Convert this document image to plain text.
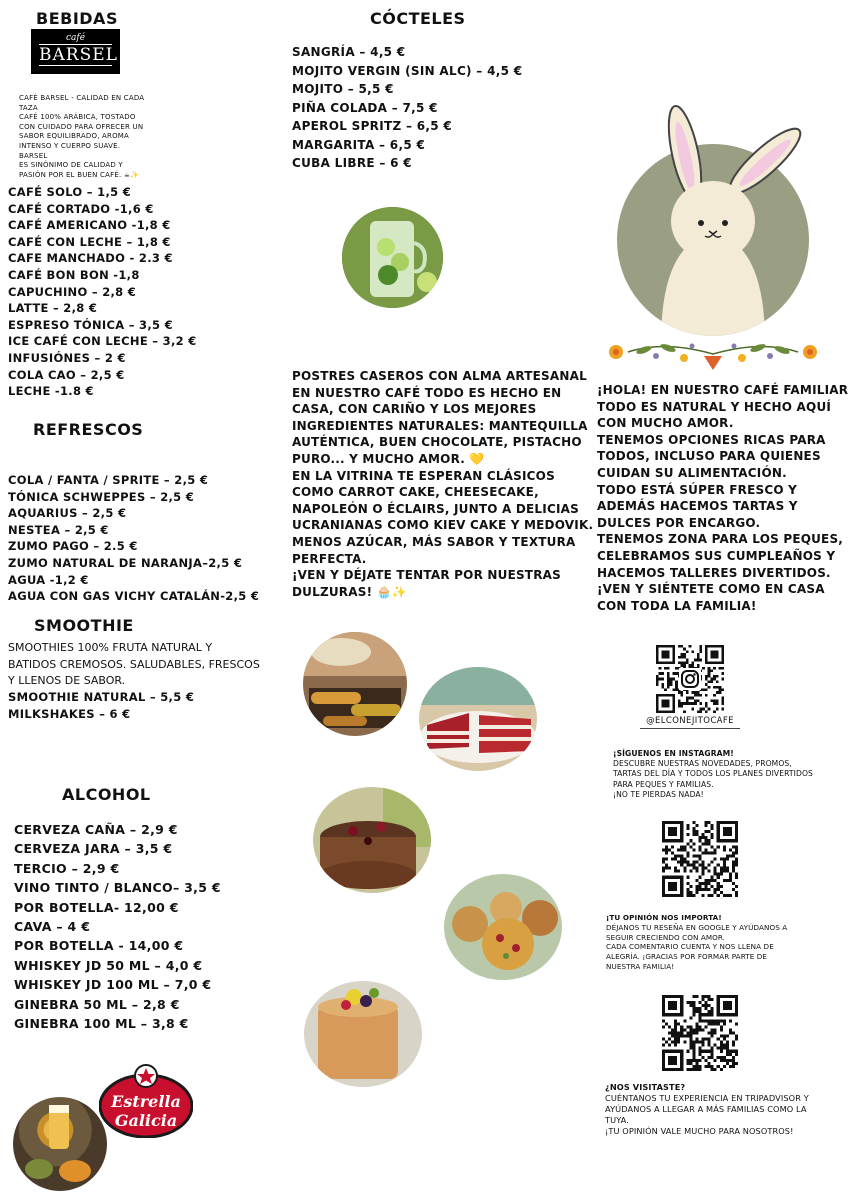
BEBIDAS
café
BARSEL
CAFÉ BARSEL - CALIDAD EN CADA
TAZA
CAFÉ 100% ARÁBICA, TOSTADO
CON CUIDADO PARA OFRECER UN
SABOR EQUILIBRADO, AROMA
INTENSO Y CUERPO SUAVE. BARSEL
ES SINÓNIMO DE CALIDAD Y
PASIÓN POR EL BUEN CAFÉ. ☕✨
CAFÉ SOLO – 1,5 €
CAFÉ CORTADO -1,6 €
CAFÉ AMERICANO -1,8 €
CAFÉ CON LECHE – 1,8 €
CAFE MANCHADO - 2.3 €
CAFÉ BON BON -1,8
CAPUCHINO – 2,8 €
LATTE – 2,8 €
ESPRESO TÓNICA – 3,5 €
ICE CAFÉ CON LECHE – 3,2 €
INFUSIÓNES – 2 €
COLA CAO – 2,5 €
LECHE -1.8 €
REFRESCOS
COLA / FANTA / SPRITE – 2,5 €
TÓNICA SCHWEPPES – 2,5 €
AQUARIUS – 2,5 €
NESTEA – 2,5 €
ZUMO PAGO – 2.5 €
ZUMO NATURAL DE NARANJA–2,5 €
AGUA -1,2 €
AGUA CON GAS VICHY CATALÁN-2,5 €
SMOOTHIE
SMOOTHIES 100% FRUTA NATURAL Y
BATIDOS CREMOSOS. SALUDABLES, FRESCOS
Y LLENOS DE SABOR.
SMOOTHIE NATURAL – 5,5 €
MILKSHAKES – 6 €
ALCOHOL
CERVEZA CAÑA – 2,9 €
CERVEZA JARA – 3,5 €
TERCIO – 2,9 €
VINO TINTO / BLANCO– 3,5 €
POR BOTELLA- 12,00 €
CAVA – 4 €
POR BOTELLA - 14,00 €
WHISKEY JD 50 ML – 4,0 €
WHISKEY JD 100 ML – 7,0 €
GINEBRA 50 ML – 2,8 €
GINEBRA 100 ML – 3,8 €
Estrella
Galicia
CÓCTELES
SANGRÍA – 4,5 €
MOJITO VERGIN (SIN ALC) – 4,5 €
MOJITO – 5,5 €
PIÑA COLADA – 7,5 €
APEROL SPRITZ – 6,5 €
MARGARITA – 6,5 €
CUBA LIBRE – 6 €
POSTRES CASEROS CON ALMA ARTESANAL
EN NUESTRO CAFÉ TODO ES HECHO EN
CASA, CON CARIÑO Y LOS MEJORES
INGREDIENTES NATURALES: MANTEQUILLA
AUTÉNTICA, BUEN CHOCOLATE, PISTACHO
PURO... Y MUCHO AMOR. 💛
EN LA VITRINA TE ESPERAN CLÁSICOS
COMO CARROT CAKE, CHEESECAKE,
NAPOLEÓN O ÉCLAIRS, JUNTO A DELICIAS
UCRANIANAS COMO KIEV CAKE Y MEDOVIK.
MENOS AZÚCAR, MÁS SABOR Y TEXTURA
PERFECTA.
¡VEN Y DÉJATE TENTAR POR NUESTRAS
DULZURAS! 🧁✨
¡HOLA! EN NUESTRO CAFÉ FAMILIAR
TODO ES NATURAL Y HECHO AQUÍ
CON MUCHO AMOR.
TENEMOS OPCIONES RICAS PARA
TODOS, INCLUSO PARA QUIENES
CUIDAN SU ALIMENTACIÓN.
TODO ESTÁ SÚPER FRESCO Y
ADEMÁS HACEMOS TARTAS Y
DULCES POR ENCARGO.
TENEMOS ZONA PARA LOS PEQUES,
CELEBRAMOS SUS CUMPLEAÑOS Y
HACEMOS TALLERES DIVERTIDOS.
¡VEN Y SIÉNTETE COMO EN CASA
CON TODA LA FAMILIA!
@ELCONEJITOCAFE
¡SÍGUENOS EN INSTAGRAM!
DESCUBRE NUESTRAS NOVEDADES, PROMOS,
TARTAS DEL DÍA Y TODOS LOS PLANES DIVERTIDOS
PARA PEQUES Y FAMILIAS.
¡NO TE PIERDAS NADA!
¡TU OPINIÓN NOS IMPORTA!
DÉJANOS TU RESEÑA EN GOOGLE Y AYÚDANOS A
SEGUIR CRECIENDO CON AMOR.
CADA COMENTARIO CUENTA Y NOS LLENA DE
ALEGRÍA. ¡GRACIAS POR FORMAR PARTE DE
NUESTRA FAMILIA!
¿NOS VISITASTE?
CUÉNTANOS TU EXPERIENCIA EN TRIPADVISOR Y
AYÚDANOS A LLEGAR A MÁS FAMILIAS COMO LA
TUYA.
¡TU OPINIÓN VALE MUCHO PARA NOSOTROS!
